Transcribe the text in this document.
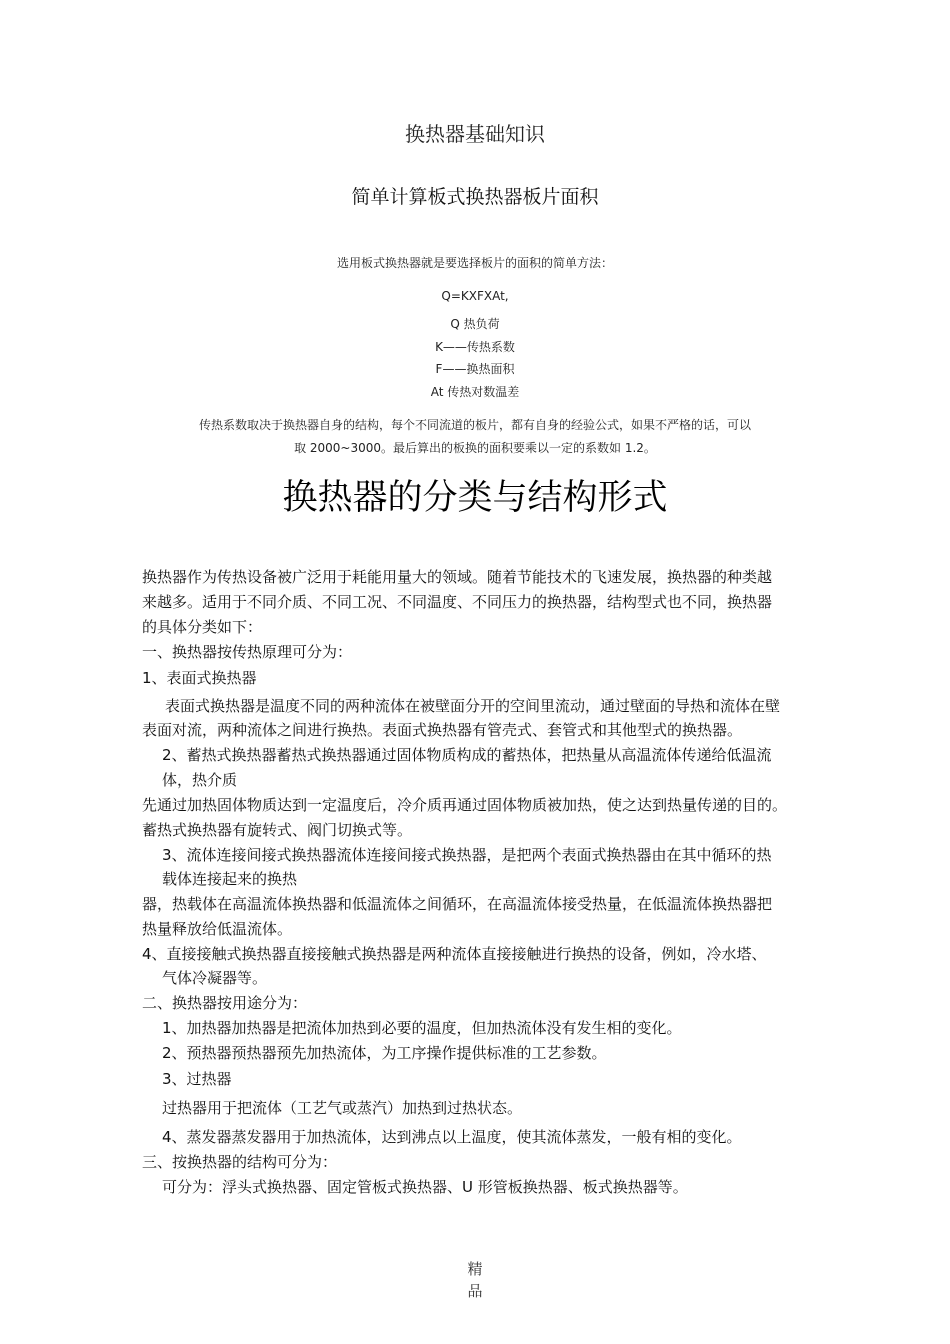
换热器基础知识
简单计算板式换热器板片面积
选用板式换热器就是要选择板片的面积的简单方法：
Q=KXFXAt,
Q 热负荷
K——传热系数
F——换热面积
At 传热对数温差
传热系数取决于换热器自身的结构，每个不同流道的板片，都有自身的经验公式，如果不严格的话，可以
取 2000~3000。最后算出的板换的面积要乘以一定的系数如 1.2。
换热器的分类与结构形式
换热器作为传热设备被广泛用于耗能用量大的领域。随着节能技术的飞速发展，换热器的种类越
来越多。适用于不同介质、不同工况、不同温度、不同压力的换热器，结构型式也不同，换热器
的具体分类如下：
一、换热器按传热原理可分为：
1、表面式换热器
表面式换热器是温度不同的两种流体在被壁面分开的空间里流动，通过壁面的导热和流体在壁
表面对流，两种流体之间进行换热。表面式换热器有管壳式、套管式和其他型式的换热器。
2、蓄热式换热器蓄热式换热器通过固体物质构成的蓄热体，把热量从高温流体传递给低温流
体，热介质
先通过加热固体物质达到一定温度后，冷介质再通过固体物质被加热，使之达到热量传递的目的。
蓄热式换热器有旋转式、阀门切换式等。
3、流体连接间接式换热器流体连接间接式换热器，是把两个表面式换热器由在其中循环的热
载体连接起来的换热
器，热载体在高温流体换热器和低温流体之间循环，在高温流体接受热量，在低温流体换热器把
热量释放给低温流体。
4、直接接触式换热器直接接触式换热器是两种流体直接接触进行换热的设备，例如，冷水塔、
气体冷凝器等。
二、换热器按用途分为：
1、加热器加热器是把流体加热到必要的温度，但加热流体没有发生相的变化。
2、预热器预热器预先加热流体，为工序操作提供标准的工艺参数。
3、过热器
过热器用于把流体（工艺气或蒸汽）加热到过热状态。
4、蒸发器蒸发器用于加热流体，达到沸点以上温度，使其流体蒸发，一般有相的变化。
三、按换热器的结构可分为：
可分为：浮头式换热器、固定管板式换热器、U 形管板换热器、板式换热器等。
精
品
